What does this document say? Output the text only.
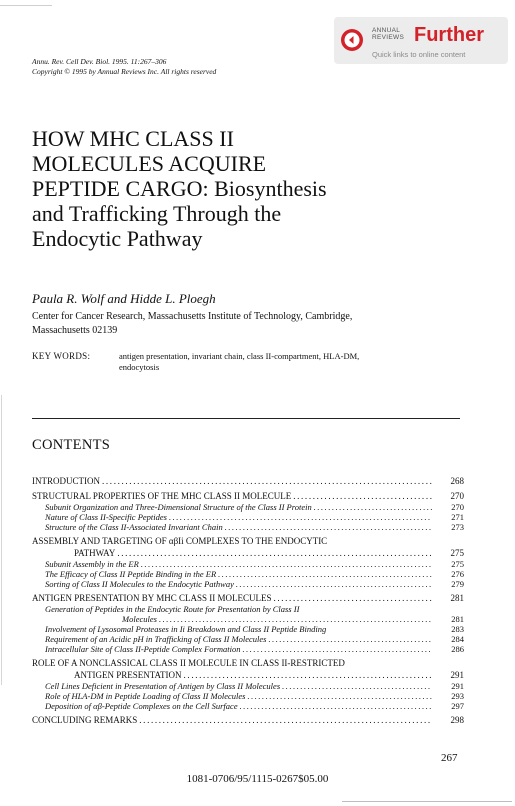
ANNUAL
REVIEWS Further
Quick links to online content
Annu. Rev. Cell Dev. Biol. 1995. 11:267–306
Copyright © 1995 by Annual Reviews Inc. All rights reserved
HOW MHC CLASS II
MOLECULES ACQUIRE
PEPTIDE CARGO: Biosynthesis
and Trafficking Through the
Endocytic Pathway
Paula R. Wolf and Hidde L. Ploegh
Center for Cancer Research, Massachusetts Institute of Technology, Cambridge,
Massachusetts 02139
KEY WORDS:	antigen presentation, invariant chain, class II-compartment, HLA-DM,
endocytosis
CONTENTS
INTRODUCTION . . .	268
STRUCTURAL PROPERTIES OF THE MHC CLASS II MOLECULE . . .	270
Subunit Organization and Three-Dimensional Structure of the Class II Protein . . .	270
Nature of Class II-Specific Peptides . . .	271
Structure of the Class II-Associated Invariant Chain . . .	273
ASSEMBLY AND TARGETING OF αβIi COMPLEXES TO THE ENDOCYTIC
PATHWAY . . .	275
Subunit Assembly in the ER . . .	275
The Efficacy of Class II Peptide Binding in the ER . . .	276
Sorting of Class II Molecules to the Endocytic Pathway . . .	279
ANTIGEN PRESENTATION BY MHC CLASS II MOLECULES . . .	281
Generation of Peptides in the Endocytic Route for Presentation by Class II
Molecules . . .	281
Involvement of Lysosomal Proteases in Ii Breakdown and Class II Peptide Binding	283
Requirement of an Acidic pH in Trafficking of Class II Molecules . . .	284
Intracellular Site of Class II-Peptide Complex Formation . . .	286
ROLE OF A NONCLASSICAL CLASS II MOLECULE IN CLASS II-RESTRICTED
ANTIGEN PRESENTATION . . .	291
Cell Lines Deficient in Presentation of Antigen by Class II Molecules . . .	291
Role of HLA-DM in Peptide Loading of Class II Molecules . . .	293
Deposition of αβ-Peptide Complexes on the Cell Surface . . .	297
CONCLUDING REMARKS . . .	298
267
1081-0706/95/1115-0267$05.00
